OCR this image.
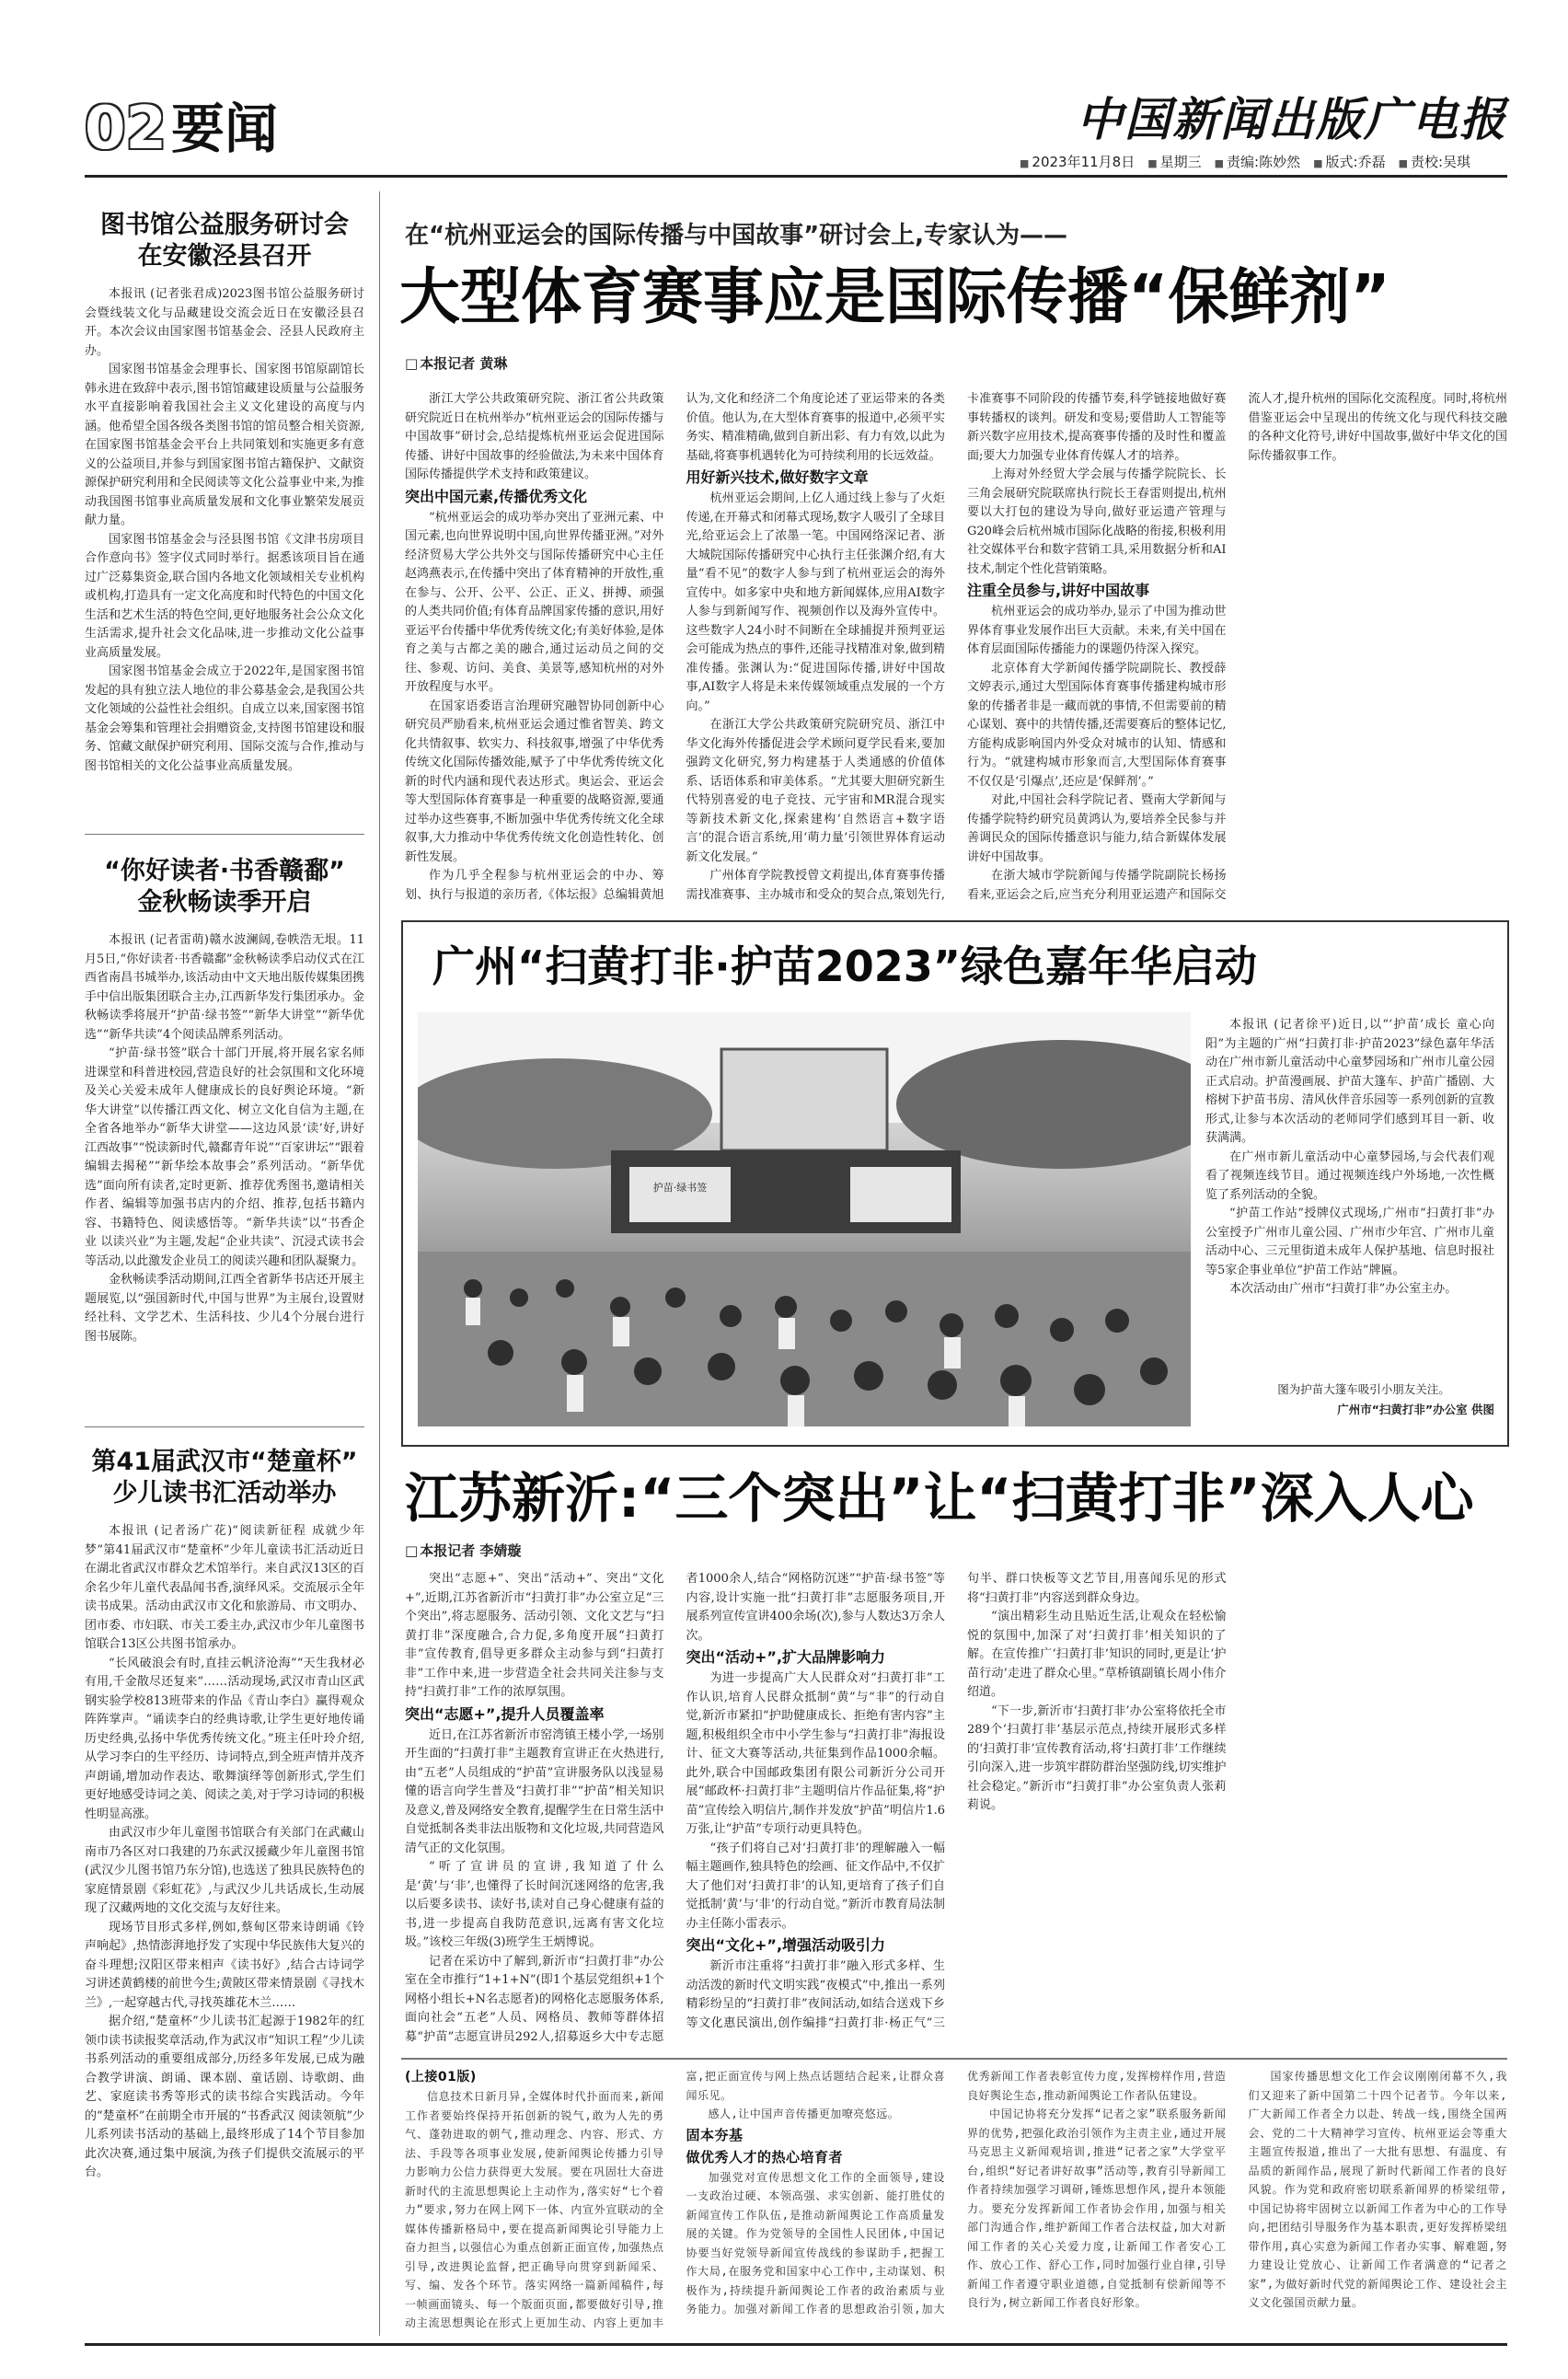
02 要闻	中国新闻出版广电报
■ 2023年11月8日	■ 星期三	■ 责编:陈妙然	■ 版式:乔磊	■ 责校:吴琪
图书馆公益服务研讨会
在安徽泾县召开

本报讯 (记者张君成)2023图书馆公益服务研讨会暨线装文化与品藏建设交流会近日在安徽泾县召开。本次会议由国家图书馆基金会、泾县人民政府主办。

国家图书馆基金会理事长、国家图书馆原副馆长韩永进在致辞中表示,图书馆馆藏建设质量与公益服务水平直接影响着我国社会主义文化建设的高度与内涵。他希望全国各级各类图书馆的馆员整合相关资源,在国家图书馆基金会平台上共同策划和实施更多有意义的公益项目,并参与到国家图书馆古籍保护、文献资源保护研究利用和全民阅读等文化公益事业中来,为推动我国图书馆事业高质量发展和文化事业繁荣发展贡献力量。

国家图书馆基金会与泾县图书馆《文津书房项目合作意向书》签字仪式同时举行。据悉该项目旨在通过广泛募集资金,联合国内各地文化领域相关专业机构或机构,打造具有一定文化高度和时代特色的中国文化生活和艺术生活的特色空间,更好地服务社会公众文化生活需求,提升社会文化品味,进一步推动文化公益事业高质量发展。

国家图书馆基金会成立于2022年,是国家图书馆发起的具有独立法人地位的非公募基金会,是我国公共文化领域的公益性社会组织。自成立以来,国家图书馆基金会筹集和管理社会捐赠资金,支持图书馆建设和服务、馆藏文献保护研究利用、国际交流与合作,推动与图书馆相关的文化公益事业高质量发展。

“你好读者·书香赣鄱”
金秋畅读季开启

本报讯 (记者雷萌)赣水波澜阔,卷帙浩无垠。11月5日,“你好读者·书香赣鄱”金秋畅读季启动仪式在江西省南昌书城举办,该活动由中文天地出版传媒集团携手中信出版集团联合主办,江西新华发行集团承办。金秋畅读季将展开“护苗·绿书签”“新华大讲堂”“新华优选”“新华共读”4个阅读品牌系列活动。

“护苗·绿书签”联合十部门开展,将开展名家名师进课堂和科普进校园,营造良好的社会氛围和文化环境及关心关爱未成年人健康成长的良好舆论环境。“新华大讲堂”以传播江西文化、树立文化自信为主题,在全省各地举办“新华大讲堂——这边风景‘读’好,讲好江西故事”“悦读新时代,赣鄱青年说”“百家讲坛”“跟着编辑去揭秘”“新华绘本故事会”系列活动。“新华优选”面向所有读者,定时更新、推荐优秀图书,邀请相关作者、编辑等加强书店内的介绍、推荐,包括书籍内容、书籍特色、阅读感悟等。“新华共读”以“书香企业 以读兴业”为主题,发起“企业共读”、沉浸式读书会等活动,以此激发企业员工的阅读兴趣和团队凝聚力。

金秋畅读季活动期间,江西全省新华书店还开展主题展览,以“强国新时代,中国与世界”为主展台,设置财经社科、文学艺术、生活科技、少儿4个分展台进行图书展陈。

第41届武汉市“楚童杯”
少儿读书汇活动举办

本报讯 (记者汤广花)“阅读新征程 成就少年梦”第41届武汉市“楚童杯”少年儿童读书汇活动近日在湖北省武汉市群众艺术馆举行。来自武汉13区的百余名少年儿童代表晶闻书香,演绎风采。交流展示全年读书成果。活动由武汉市文化和旅游局、市文明办、团市委、市妇联、市关工委主办,武汉市少年儿童图书馆联合13区公共图书馆承办。

“长风破浪会有时,直挂云帆济沧海”“天生我材必有用,千金散尽还复来”……活动现场,武汉市青山区武钢实验学校813班带来的作品《青山李白》赢得观众阵阵掌声。“诵读李白的经典诗歌,让学生更好地传诵历史经典,弘扬中华优秀传统文化。”班主任叶玲介绍,从学习李白的生平经历、诗词特点,到全班声情并茂齐声朗诵,增加动作表达、歌舞演绎等创新形式,学生们更好地感受诗词之美、阅读之美,对于学习诗词的积极性明显高涨。

由武汉市少年儿童图书馆联合有关部门在武藏山南市乃各区对口我建的乃东武汉援藏少年儿童图书馆(武汉少儿图书馆乃东分馆),也选送了独具民族特色的家庭情景剧《彩虹花》,与武汉少儿共话成长,生动展现了汉藏两地的文化交流与友好往来。

现场节目形式多样,例如,蔡甸区带来诗朗诵《铃声响起》,热情澎湃地抒发了实现中华民族伟大复兴的奋斗理想;汉阳区带来相声《读书好》,结合古诗词学习讲述黄鹤楼的前世今生;黄陂区带来情景剧《寻找木兰》,一起穿越古代,寻找英雄花木兰……

据介绍,“楚童杯”少儿读书汇起源于1982年的红领巾读书读报奖章活动,作为武汉市“知识工程”少儿读书系列活动的重要组成部分,历经多年发展,已成为融合教学讲演、朗诵、课本剧、童话剧、诗歌朗、曲艺、家庭读书秀等形式的读书综合实践活动。今年的“楚童杯”在前期全市开展的“书香武汉 阅读领航”少儿系列读书活动的基础上,最终形成了14个节目参加此次决赛,通过集中展演,为孩子们提供交流展示的平台。

在“杭州亚运会的国际传播与中国故事”研讨会上,专家认为——
大型体育赛事应是国际传播“保鲜剂”
□ 本报记者 黄琳

浙江大学公共政策研究院、浙江省公共政策研究院近日在杭州举办“杭州亚运会的国际传播与中国故事”研讨会,总结提炼杭州亚运会促进国际传播、讲好中国故事的经验做法,为未来中国体育国际传播提供学术支持和政策建议。

突出中国元素,传播优秀文化

“杭州亚运会的成功举办突出了亚洲元素、中国元素,也向世界说明中国,向世界传播亚洲。”对外经济贸易大学公共外交与国际传播研究中心主任赵鸿燕表示,在传播中突出了体育精神的开放性,重在参与、公开、公平、公正、正义、拼搏、顽强的人类共同价值;有体育品牌国家传播的意识,用好亚运平台传播中华优秀传统文化;有美好体验,是体育之美与古都之美的融合,通过运动员之间的交往、参观、访问、美食、美景等,感知杭州的对外开放程度与水平。

在国家语委语言治理研究融智协同创新中心研究员严励看来,杭州亚运会通过惟省智美、跨文化共情叙事、软实力、科技叙事,增强了中华优秀传统文化国际传播效能,赋予了中华优秀传统文化新的时代内涵和现代表达形式。奥运会、亚运会等大型国际体育赛事是一种重要的战略资源,要通过举办这些赛事,不断加强中华优秀传统文化全球叙事,大力推动中华优秀传统文化创造性转化、创新性发展。

作为几乎全程参与杭州亚运会的中办、筹划、执行与报道的亲历者,《体坛报》总编辑黄旭认为,文化和经济二个角度论述了亚运带来的各类价值。他认为,在大型体育赛事的报道中,必须平实务实、精准精确,做到自新出彩、有力有效,以此为基础,将赛事机遇转化为可持续利用的长远效益。

用好新兴技术,做好数字文章

杭州亚运会期间,上亿人通过线上参与了火炬传递,在开幕式和闭幕式现场,数字人吸引了全球目光,给亚运会上了浓墨一笔。中国网络深记者、浙大城院国际传播研究中心执行主任张渊介绍,有大量“看不见”的数字人参与到了杭州亚运会的海外宣传中。如多家中央和地方新闻媒体,应用AI数字人参与到新闻写作、视频创作以及海外宣传中。这些数字人24小时不间断在全球捕捉并预判亚运会可能成为热点的事件,还能寻找精准对象,做到精准传播。张渊认为:“促进国际传播,讲好中国故事,AI数字人将是未来传媒领域重点发展的一个方向。”

在浙江大学公共政策研究院研究员、浙江中华文化海外传播促进会学术顾问夏学民看来,要加强跨文化研究,努力构建基于人类通感的价值体系、话语体系和审美体系。“尤其要大胆研究新生代特别喜爱的电子竞技、元宇宙和MR混合现实等新技术新文化,探索建构‘自然语言+数字语言’的混合语言系统,用‘萌力量’引领世界体育运动新文化发展。”

广州体育学院教授曾文莉提出,体育赛事传播需找准赛事、主办城市和受众的契合点,策划先行,卡准赛事不同阶段的传播节奏,科学链接地做好赛事转播权的谈判。研发和变易;要借助人工智能等新兴数字应用技术,提高赛事传播的及时性和覆盖面;要大力加强专业体育传媒人才的培养。

上海对外经贸大学会展与传播学院院长、长三角会展研究院联席执行院长王春雷则提出,杭州要以大打包的建设为导向,做好亚运遗产管理与G20峰会后杭州城市国际化战略的衔接,积极利用社交媒体平台和数字营销工具,采用数据分析和AI技术,制定个性化营销策略。

注重全员参与,讲好中国故事

杭州亚运会的成功举办,显示了中国为推动世界体育事业发展作出巨大贡献。未来,有关中国在体育层面国际传播能力的课题仍待深入探究。

北京体育大学新闻传播学院副院长、教授薛文婷表示,通过大型国际体育赛事传播建构城市形象的传播者非是一藏而就的事情,不但需要前的精心谋划、赛中的共情传播,还需要赛后的整体记忆,方能构成影响国内外受众对城市的认知、情感和行为。“就建构城市形象而言,大型国际体育赛事不仅仅是‘引爆点’,还应是‘保鲜剂’。”

对此,中国社会科学院记者、暨南大学新闻与传播学院特约研究员黄鸿认为,要培养全民参与并善调民众的国际传播意识与能力,结合新媒体发展讲好中国故事。

在浙大城市学院新闻与传播学院副院长杨扬看来,亚运会之后,应当充分利用亚运遗产和国际交流人才,提升杭州的国际化交流程度。同时,将杭州借鉴亚运会中呈现出的传统文化与现代科技交融的各种文化符号,讲好中国故事,做好中华文化的国际传播叙事工作。

广州“扫黄打非·护苗2023”绿色嘉年华启动
护苗·绿书签

本报讯 (记者徐平)近日,以“‘护苗’成长 童心向阳”为主题的广州“扫黄打非·护苗2023”绿色嘉年华活动在广州市新儿童活动中心童梦园场和广州市儿童公园正式启动。护苗漫画展、护苗大篷车、护苗广播剧、大榕树下护苗书房、清风伙伴音乐园等一系列创新的宣教形式,让参与本次活动的老师同学们感到耳目一新、收获满满。

在广州市新儿童活动中心童梦园场,与会代表们观看了视频连线节目。通过视频连线户外场地,一次性概览了系列活动的全貌。

“护苗工作站”授牌仪式现场,广州市“扫黄打非”办公室授予广州市儿童公园、广州市少年宫、广州市儿童活动中心、三元里街道未成年人保护基地、信息时报社等5家企事业单位“护苗工作站”牌匾。

本次活动由广州市“扫黄打非”办公室主办。

图为护苗大篷车吸引小朋友关注。
广州市“扫黄打非”办公室 供图
江苏新沂:“三个突出”让“扫黄打非”深入人心
□ 本报记者 李婧璇

突出“志愿+”、突出“活动+”、突出“文化+”,近期,江苏省新沂市“扫黄打非”办公室立足“三个突出”,将志愿服务、活动引领、文化文艺与“扫黄打非”深度融合,合力促,多角度开展“扫黄打非”宣传教育,倡导更多群众主动参与到“扫黄打非”工作中来,进一步营造全社会共同关注参与支持“扫黄打非”工作的浓厚氛围。

突出“志愿+”,提升人员覆盖率

近日,在江苏省新沂市窑湾镇王楼小学,一场别开生面的“扫黄打非”主题教育宣讲正在火热进行,由“五老”人员组成的“护苗”宣讲服务队以浅显易懂的语言向学生普及“扫黄打非”“护苗”相关知识及意义,普及网络安全教育,提醒学生在日常生活中自觉抵制各类非法出版物和文化垃圾,共同营造风清气正的文化氛围。

“听了宣讲员的宣讲,我知道了什么是‘黄’与‘非’,也懂得了长时间沉迷网络的危害,我以后要多读书、读好书,读对自己身心健康有益的书,进一步提高自我防范意识,远离有害文化垃圾。”该校三年级(3)班学生王炳博说。

记者在采访中了解到,新沂市“扫黄打非”办公室在全市推行“1+1+N”(即1个基层党组织+1个网格小组长+N名志愿者)的网格化志愿服务体系,面向社会“五老”人员、网格员、教师等群体招募“护苗”志愿宣讲员292人,招募返乡大中专志愿者1000余人,结合“网格防沉迷”“护苗·绿书签”等内容,设计实施一批“扫黄打非”志愿服务项目,开展系列宣传宣讲400余场(次),参与人数达3万余人次。

突出“活动+”,扩大品牌影响力

为进一步提高广大人民群众对“扫黄打非”工作认识,培育人民群众抵制“黄”与“非”的行动自觉,新沂市紧扣“护助健康成长、拒绝有害内容”主题,积极组织全市中小学生参与“扫黄打非”海报设计、征文大赛等活动,共征集到作品1000余幅。此外,联合中国邮政集团有限公司新沂分公司开展“邮政杯·扫黄打非”主题明信片作品征集,将“护苗”宣传绘入明信片,制作并发放“护苗”明信片1.6万张,让“护苗”专项行动更具特色。

“孩子们将自己对‘扫黄打非’的理解融入一幅幅主题画作,独具特色的绘画、征文作品中,不仅扩大了他们对‘扫黄打非’的认知,更培育了孩子们自觉抵制‘黄’与‘非’的行动自觉。”新沂市教育局法制办主任陈小雷表示。

突出“文化+”,增强活动吸引力

新沂市注重将“扫黄打非”融入形式多样、生动活泼的新时代文明实践“夜模式”中,推出一系列精彩纷呈的“扫黄打非”夜间活动,如结合送戏下乡等文化惠民演出,创作编排“扫黄打非·杨正气”三句半、群口快板等文艺节目,用喜闻乐见的形式将“扫黄打非”内容送到群众身边。

“演出精彩生动且贴近生活,让观众在轻松愉悦的氛围中,加深了对‘扫黄打非’相关知识的了解。在宣传推广‘扫黄打非’知识的同时,更是让‘护苗行动’走进了群众心里。”草桥镇副镇长周小伟介绍道。

“下一步,新沂市‘扫黄打非’办公室将依托全市289个‘扫黄打非’基层示范点,持续开展形式多样的‘扫黄打非’宣传教育活动,将‘扫黄打非’工作继续引向深入,进一步筑牢群防群治坚强防线,切实维护社会稳定。”新沂市“扫黄打非”办公室负责人张莉莉说。

(上接01版)

信息技术日新月异,全媒体时代扑面而来,新闻工作者要始终保持开拓创新的锐气,敢为人先的勇气、蓬勃进取的朝气,推动理念、内容、形式、方法、手段等各项事业发展,使新闻舆论传播力引导力影响力公信力获得更大发展。要在巩固壮大奋进新时代的主流思想舆论上主动作为,落实好“七个着力”要求,努力在网上网下一体、内宣外宣联动的全媒体传播新格局中,要在提高新闻舆论引导能力上奋力担当,以强信心为重点创新正面宣传,加强热点引导,改进舆论监督,把正确导向贯穿到新闻采、写、编、发各个环节。落实网络一篇新闻稿件,每一帧画面镜头、每一个版面页面,都要做好引导,推动主流思想舆论在形式上更加生动、内容上更加丰富,把正面宣传与网上热点话题结合起来,让群众喜闻乐见。

感人,让中国声音传播更加嘹亮悠远。

固本夯基
做优秀人才的热心培育者

加强党对宣传思想文化工作的全面领导,建设一支政治过硬、本领高强、求实创新、能打胜仗的新闻宣传工作队伍,是推动新闻舆论工作高质量发展的关键。作为党领导的全国性人民团体,中国记协要当好党领导新闻宣传战线的参谋助手,把握工作大局,在服务党和国家中心工作中,主动谋划、积极作为,持续提升新闻舆论工作者的政治素质与业务能力。加强对新闻工作者的思想政治引领,加大优秀新闻工作者表彰宣传力度,发挥榜样作用,营造良好舆论生态,推动新闻舆论工作者队伍建设。

中国记协将充分发挥“记者之家”联系服务新闻界的优势,把强化政治引领作为主责主业,通过开展马克思主义新闻观培训,推进“记者之家”大学堂平台,组织“好记者讲好故事”活动等,教育引导新闻工作者持续加强学习调研,锤炼思想作风,提升本领能力。要充分发挥新闻工作者协会作用,加强与相关部门沟通合作,维护新闻工作者合法权益,加大对新闻工作者的关心关爱力度,让新闻工作者安心工作、放心工作、舒心工作,同时加强行业自律,引导新闻工作者遵守职业道德,自觉抵制有偿新闻等不良行为,树立新闻工作者良好形象。

国家传播思想文化工作会议刚刚闭幕不久,我们又迎来了新中国第二十四个记者节。今年以来,广大新闻工作者全力以赴、转战一线,围绕全国两会、党的二十大精神学习宣传、杭州亚运会等重大主题宣传报道,推出了一大批有思想、有温度、有品质的新闻作品,展现了新时代新闻工作者的良好风貌。作为党和政府密切联系新闻界的桥梁纽带,中国记协将牢固树立以新闻工作者为中心的工作导向,把团结引导服务作为基本职责,更好发挥桥梁纽带作用,真心实意为新闻工作者办实事、解难题,努力建设让党放心、让新闻工作者满意的“记者之家”,为做好新时代党的新闻舆论工作、建设社会主义文化强国贡献力量。
